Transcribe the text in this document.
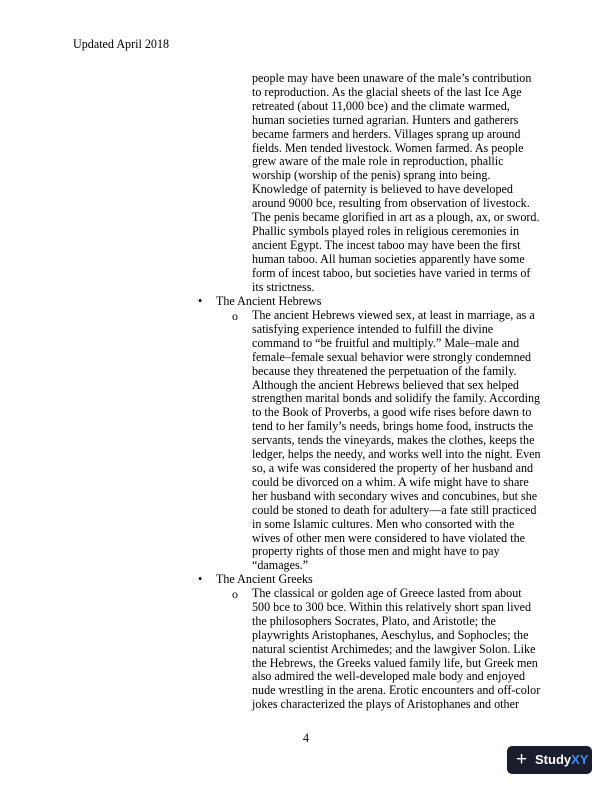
Updated April 2018
people may have been unaware of the male’s contribution
to reproduction. As the glacial sheets of the last Ice Age
retreated (about 11,000 bce) and the climate warmed,
human societies turned agrarian. Hunters and gatherers
became farmers and herders. Villages sprang up around
fields. Men tended livestock. Women farmed. As people
grew aware of the male role in reproduction, phallic
worship (worship of the penis) sprang into being.
Knowledge of paternity is believed to have developed
around 9000 bce, resulting from observation of livestock.
The penis became glorified in art as a plough, ax, or sword.
Phallic symbols played roles in religious ceremonies in
ancient Egypt. The incest taboo may have been the first
human taboo. All human societies apparently have some
form of incest taboo, but societies have varied in terms of
its strictness.
• The Ancient Hebrews
o The ancient Hebrews viewed sex, at least in marriage, as a
satisfying experience intended to fulfill the divine
command to “be fruitful and multiply.” Male–male and
female–female sexual behavior were strongly condemned
because they threatened the perpetuation of the family.
Although the ancient Hebrews believed that sex helped
strengthen marital bonds and solidify the family. According
to the Book of Proverbs, a good wife rises before dawn to
tend to her family’s needs, brings home food, instructs the
servants, tends the vineyards, makes the clothes, keeps the
ledger, helps the needy, and works well into the night. Even
so, a wife was considered the property of her husband and
could be divorced on a whim. A wife might have to share
her husband with secondary wives and concubines, but she
could be stoned to death for adultery—a fate still practiced
in some Islamic cultures. Men who consorted with the
wives of other men were considered to have violated the
property rights of those men and might have to pay
“damages.”
• The Ancient Greeks
o The classical or golden age of Greece lasted from about
500 bce to 300 bce. Within this relatively short span lived
the philosophers Socrates, Plato, and Aristotle; the
playwrights Aristophanes, Aeschylus, and Sophocles; the
natural scientist Archimedes; and the lawgiver Solon. Like
the Hebrews, the Greeks valued family life, but Greek men
also admired the well-developed male body and enjoyed
nude wrestling in the arena. Erotic encounters and off-color
jokes characterized the plays of Aristophanes and other
4
+ StudyXY
